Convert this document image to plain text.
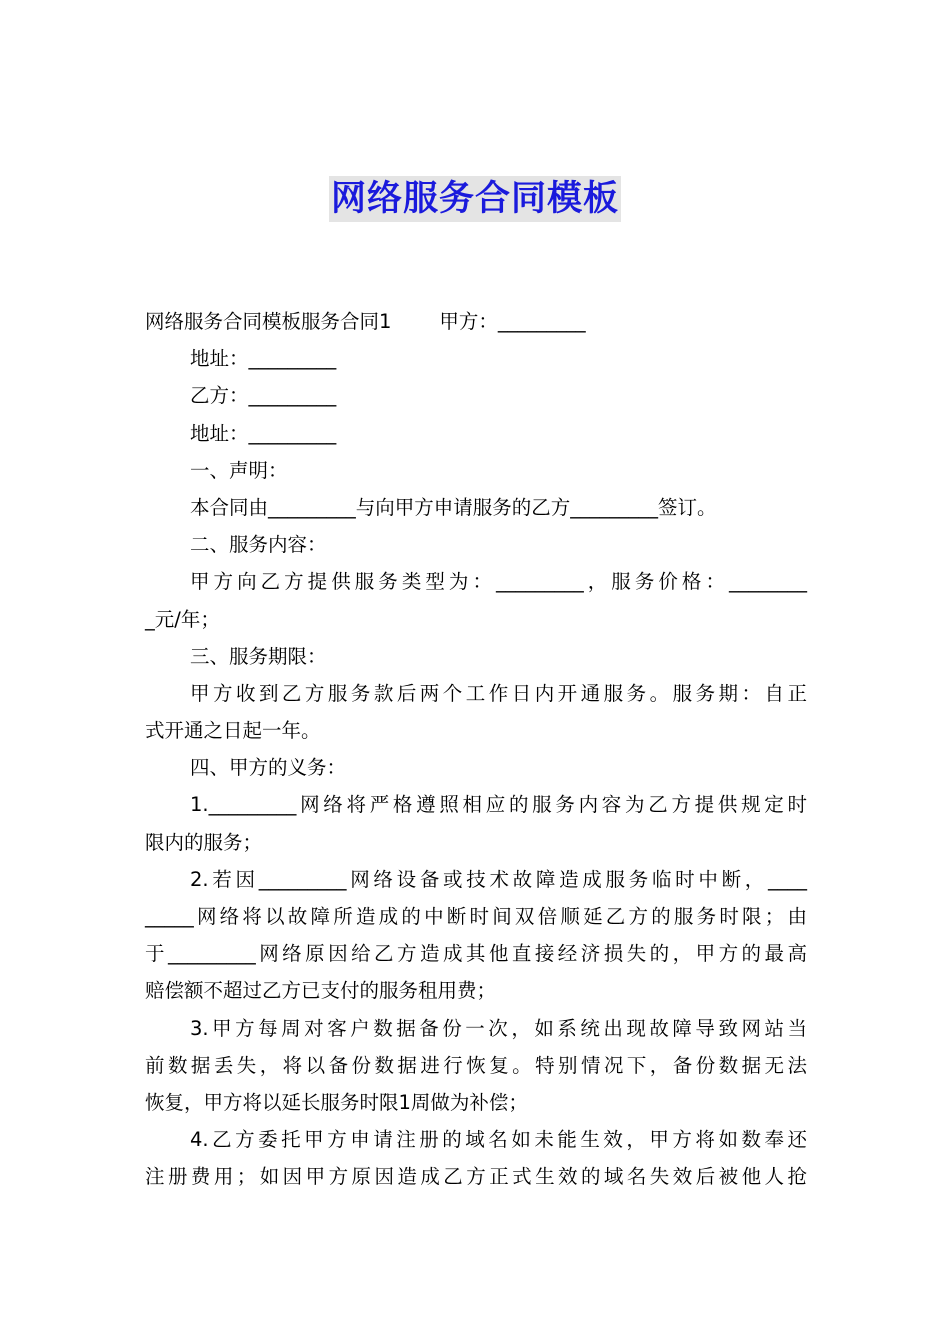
网络服务合同模板
网络服务合同模板服务合同1 甲方：_________
地址：_________
乙方：_________
地址：_________
一、声明：
本合同由_________与向甲方申请服务的乙方_________签订。
二、服务内容：
甲方向乙方提供服务类型为：_________，服务价格：________
_元/年；
三、服务期限：
甲方收到乙方服务款后两个工作日内开通服务。服务期：自正
式开通之日起一年。
四、甲方的义务：
1._________网络将严格遵照相应的服务内容为乙方提供规定时
限内的服务；
2.若因_________网络设备或技术故障造成服务临时中断，____
_____网络将以故障所造成的中断时间双倍顺延乙方的服务时限；由
于_________网络原因给乙方造成其他直接经济损失的，甲方的最高
赔偿额不超过乙方已支付的服务租用费；
3.甲方每周对客户数据备份一次，如系统出现故障导致网站当
前数据丢失，将以备份数据进行恢复。特别情况下，备份数据无法
恢复，甲方将以延长服务时限1周做为补偿；
4.乙方委托甲方申请注册的域名如未能生效，甲方将如数奉还
注册费用；如因甲方原因造成乙方正式生效的域名失效后被他人抢
